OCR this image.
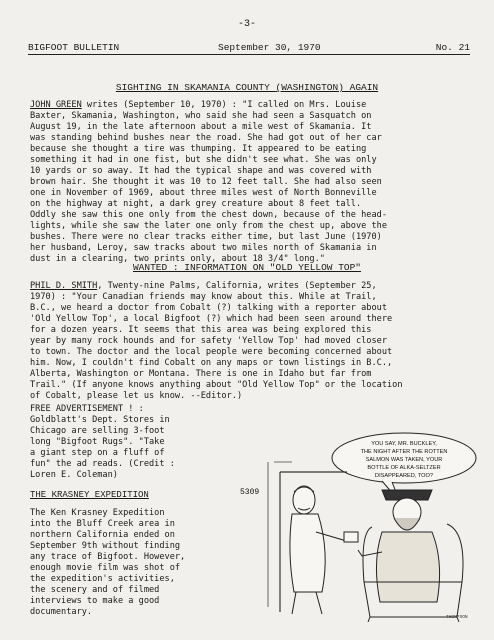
-3-
BIGFOOT BULLETIN	September 30, 1970	No. 21
SIGHTING IN SKAMANIA COUNTY (WASHINGTON) AGAIN
JOHN GREEN writes (September 10, 1970) : "I called on Mrs. Louise
Baxter, Skamania, Washington, who said she had seen a Sasquatch on
August 19, in the late afternoon about a mile west of Skamania. It
was standing behind bushes near the road. She had got out of her car
because she thought a tire was thumping. It appeared to be eating
something it had in one fist, but she didn't see what. She was only
10 yards or so away. It had the typical shape and was covered with
brown hair. She thought it was 10 to 12 feet tall. She had also seen
one in November of 1969, about three miles west of North Bonneville
on the highway at night, a dark grey creature about 8 feet tall.
Oddly she saw this one only from the chest down, because of the head-
lights, while she saw the later one only from the chest up, above the
bushes. There were no clear tracks either time, but last June (1970)
her husband, Leroy, saw tracks about two miles north of Skamania in
dust in a clearing, two prints only, about 18 3/4" long."
WANTED : INFORMATION ON "OLD YELLOW TOP"
PHIL D. SMITH, Twenty-nine Palms, California, writes (September 25,
1970) : "Your Canadian friends may know about this. While at Trail,
B.C., we heard a doctor from Cobalt (?) talking with a reporter about
'Old Yellow Top', a local Bigfoot (?) which had been seen around there
for a dozen years. It seems that this area was being explored this
year by many rock hounds and for safety 'Yellow Top' had moved closer
to town. The doctor and the local people were becoming concerned about
him. Now, I couldn't find Cobalt on any maps or town listings in B.C.,
Alberta, Washington or Montana. There is one in Idaho but far from
Trail." (If anyone knows anything about "Old Yellow Top" or the location
of Cobalt, please let us know. --Editor.)
FREE ADVERTISEMENT ! :
Goldblatt's Dept. Stores in
Chicago are selling 3-foot
long "Bigfoot Rugs". "Take
a giant step on a fluff of
fun" the ad reads. (Credit :
Loren E. Coleman)
THE KRASNEY EXPEDITION
The Ken Krasney Expedition
into the Bluff Creek area in
northern California ended on
September 9th without finding
any trace of Bigfoot. However,
enough movie film was shot of
the expedition's activities,
the scenery and of filmed
interviews to make a good
documentary.
YOU SAY, MR. BUCKLEY,
THE NIGHT AFTER THE ROTTEN
SALMON WAS TAKEN, YOUR
BOTTLE OF ALKA-SELTZER
DISAPPEARED, TOO?
5309
THOMPSON
